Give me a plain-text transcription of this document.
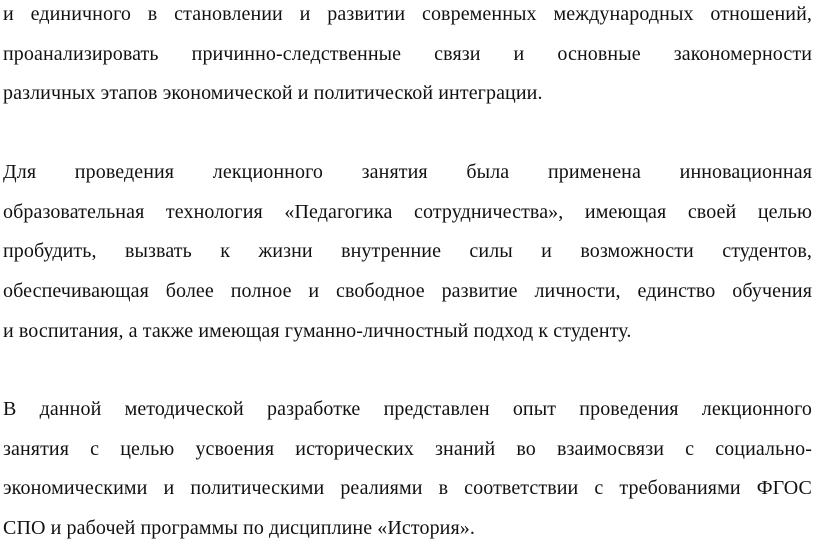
и единичного в становлении и развитии современных международных отношений,
проанализировать причинно-следственные связи и основные закономерности
различных этапов экономической и политической интеграции.
Для проведения лекционного занятия была применена инновационная
образовательная технология «Педагогика сотрудничества», имеющая своей целью
пробудить, вызвать к жизни внутренние силы и возможности студентов,
обеспечивающая более полное и свободное развитие личности, единство обучения
и воспитания, а также имеющая гуманно-личностный подход к студенту.
В данной методической разработке представлен опыт проведения лекционного
занятия с целью усвоения исторических знаний во взаимосвязи с социально-
экономическими и политическими реалиями в соответствии с требованиями ФГОС
СПО и рабочей программы по дисциплине «История».
